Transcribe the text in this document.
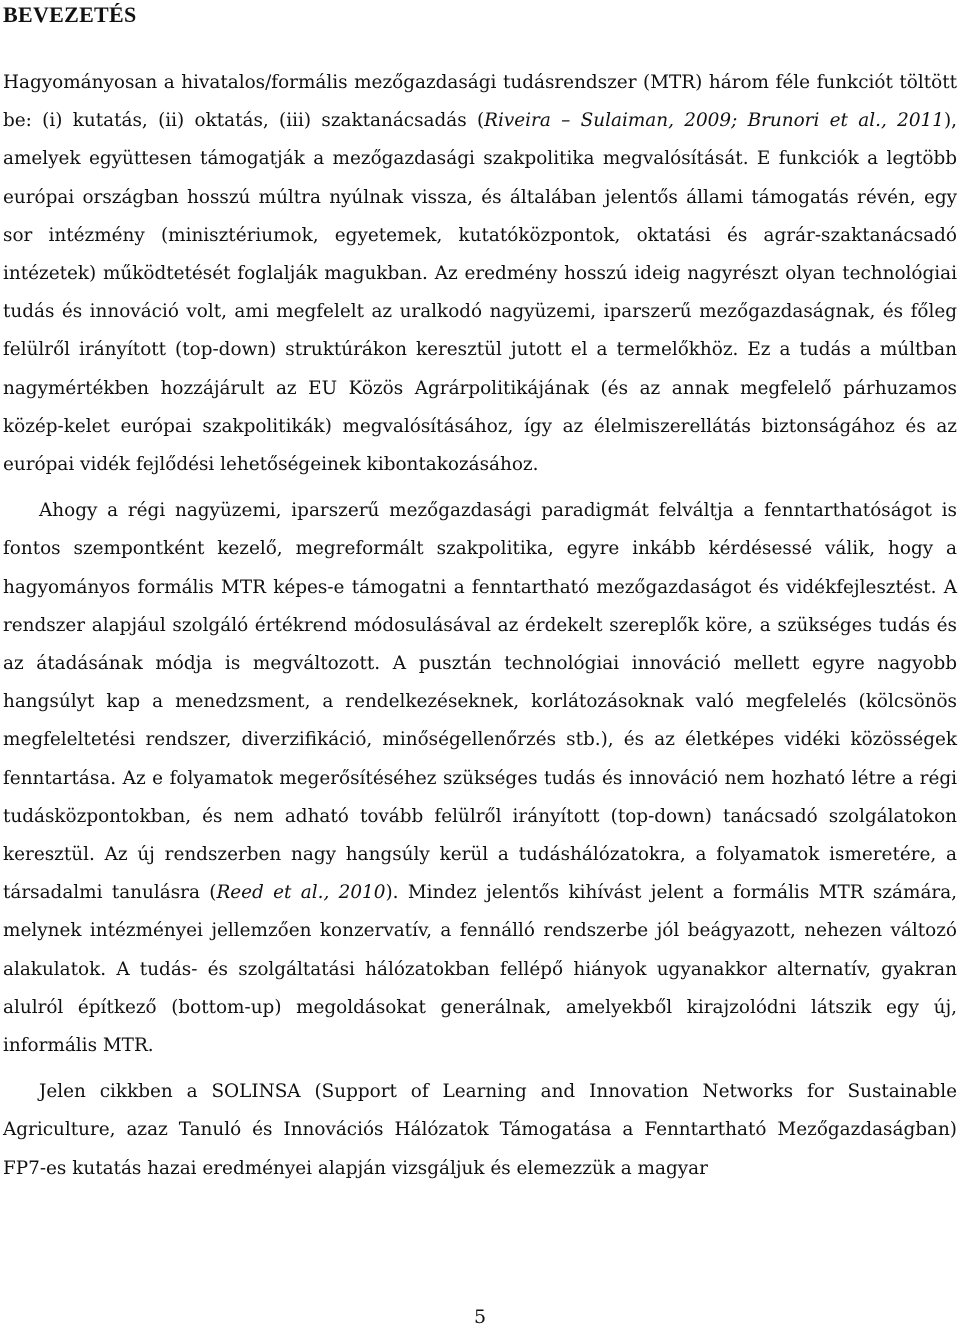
BEVEZETÉS

Hagyományosan a hivatalos/formális mezőgazdasági tudásrendszer (MTR) három féle funkciót töltött be: (i) kutatás, (ii) oktatás, (iii) szaktanácsadás (Riveira – Sulaiman, 2009; Brunori et al., 2011), amelyek együttesen támogatják a mezőgazdasági szakpolitika megvalósítását. E funkciók a legtöbb európai országban hosszú múltra nyúlnak vissza, és általában jelentős állami támogatás révén, egy sor intézmény (minisztériumok, egyetemek, kutatóközpontok, oktatási és agrár-szaktanácsadó intézetek) működtetését foglalják magukban. Az eredmény hosszú ideig nagyrészt olyan technológiai tudás és innováció volt, ami megfelelt az uralkodó nagyüzemi, iparszerű mezőgazdaságnak, és főleg felülről irányított (top-down) struktúrákon keresztül jutott el a termelőkhöz. Ez a tudás a múltban nagymértékben hozzájárult az EU Közös Agrárpolitikájának (és az annak megfelelő párhuzamos közép-kelet európai szakpolitikák) megvalósításához, így az élelmiszerellátás biztonságához és az európai vidék fejlődési lehetőségeinek kibontakozásához.

Ahogy a régi nagyüzemi, iparszerű mezőgazdasági paradigmát felváltja a fenntarthatóságot is fontos szempontként kezelő, megreformált szakpolitika, egyre inkább kérdésessé válik, hogy a hagyományos formális MTR képes-e támogatni a fenntartható mezőgazdaságot és vidékfejlesztést. A rendszer alapjául szolgáló értékrend módosulásával az érdekelt szereplők köre, a szükséges tudás és az átadásának módja is megváltozott. A pusztán technológiai innováció mellett egyre nagyobb hangsúlyt kap a menedzsment, a rendelkezéseknek, korlátozásoknak való megfelelés (kölcsönös megfeleltetési rendszer, diverzifikáció, minőségellenőrzés stb.), és az életképes vidéki közösségek fenntartása. Az e folyamatok megerősítéséhez szükséges tudás és innováció nem hozható létre a régi tudásközpontokban, és nem adható tovább felülről irányított (top-down) tanácsadó szolgálatokon keresztül. Az új rendszerben nagy hangsúly kerül a tudáshálózatokra, a folyamatok ismeretére, a társadalmi tanulásra (Reed et al., 2010). Mindez jelentős kihívást jelent a formális MTR számára, melynek intézményei jellemzően konzervatív, a fennálló rendszerbe jól beágyazott, nehezen változó alakulatok. A tudás- és szolgáltatási hálózatokban fellépő hiányok ugyanakkor alternatív, gyakran alulról építkező (bottom-up) megoldásokat generálnak, amelyekből kirajzolódni látszik egy új, informális MTR.

Jelen cikkben a SOLINSA (Support of Learning and Innovation Networks for Sustainable Agriculture, azaz Tanuló és Innovációs Hálózatok Támogatása a Fenntartható Mezőgazdaságban) FP7-es kutatás hazai eredményei alapján vizsgáljuk és elemezzük a magyar

5
